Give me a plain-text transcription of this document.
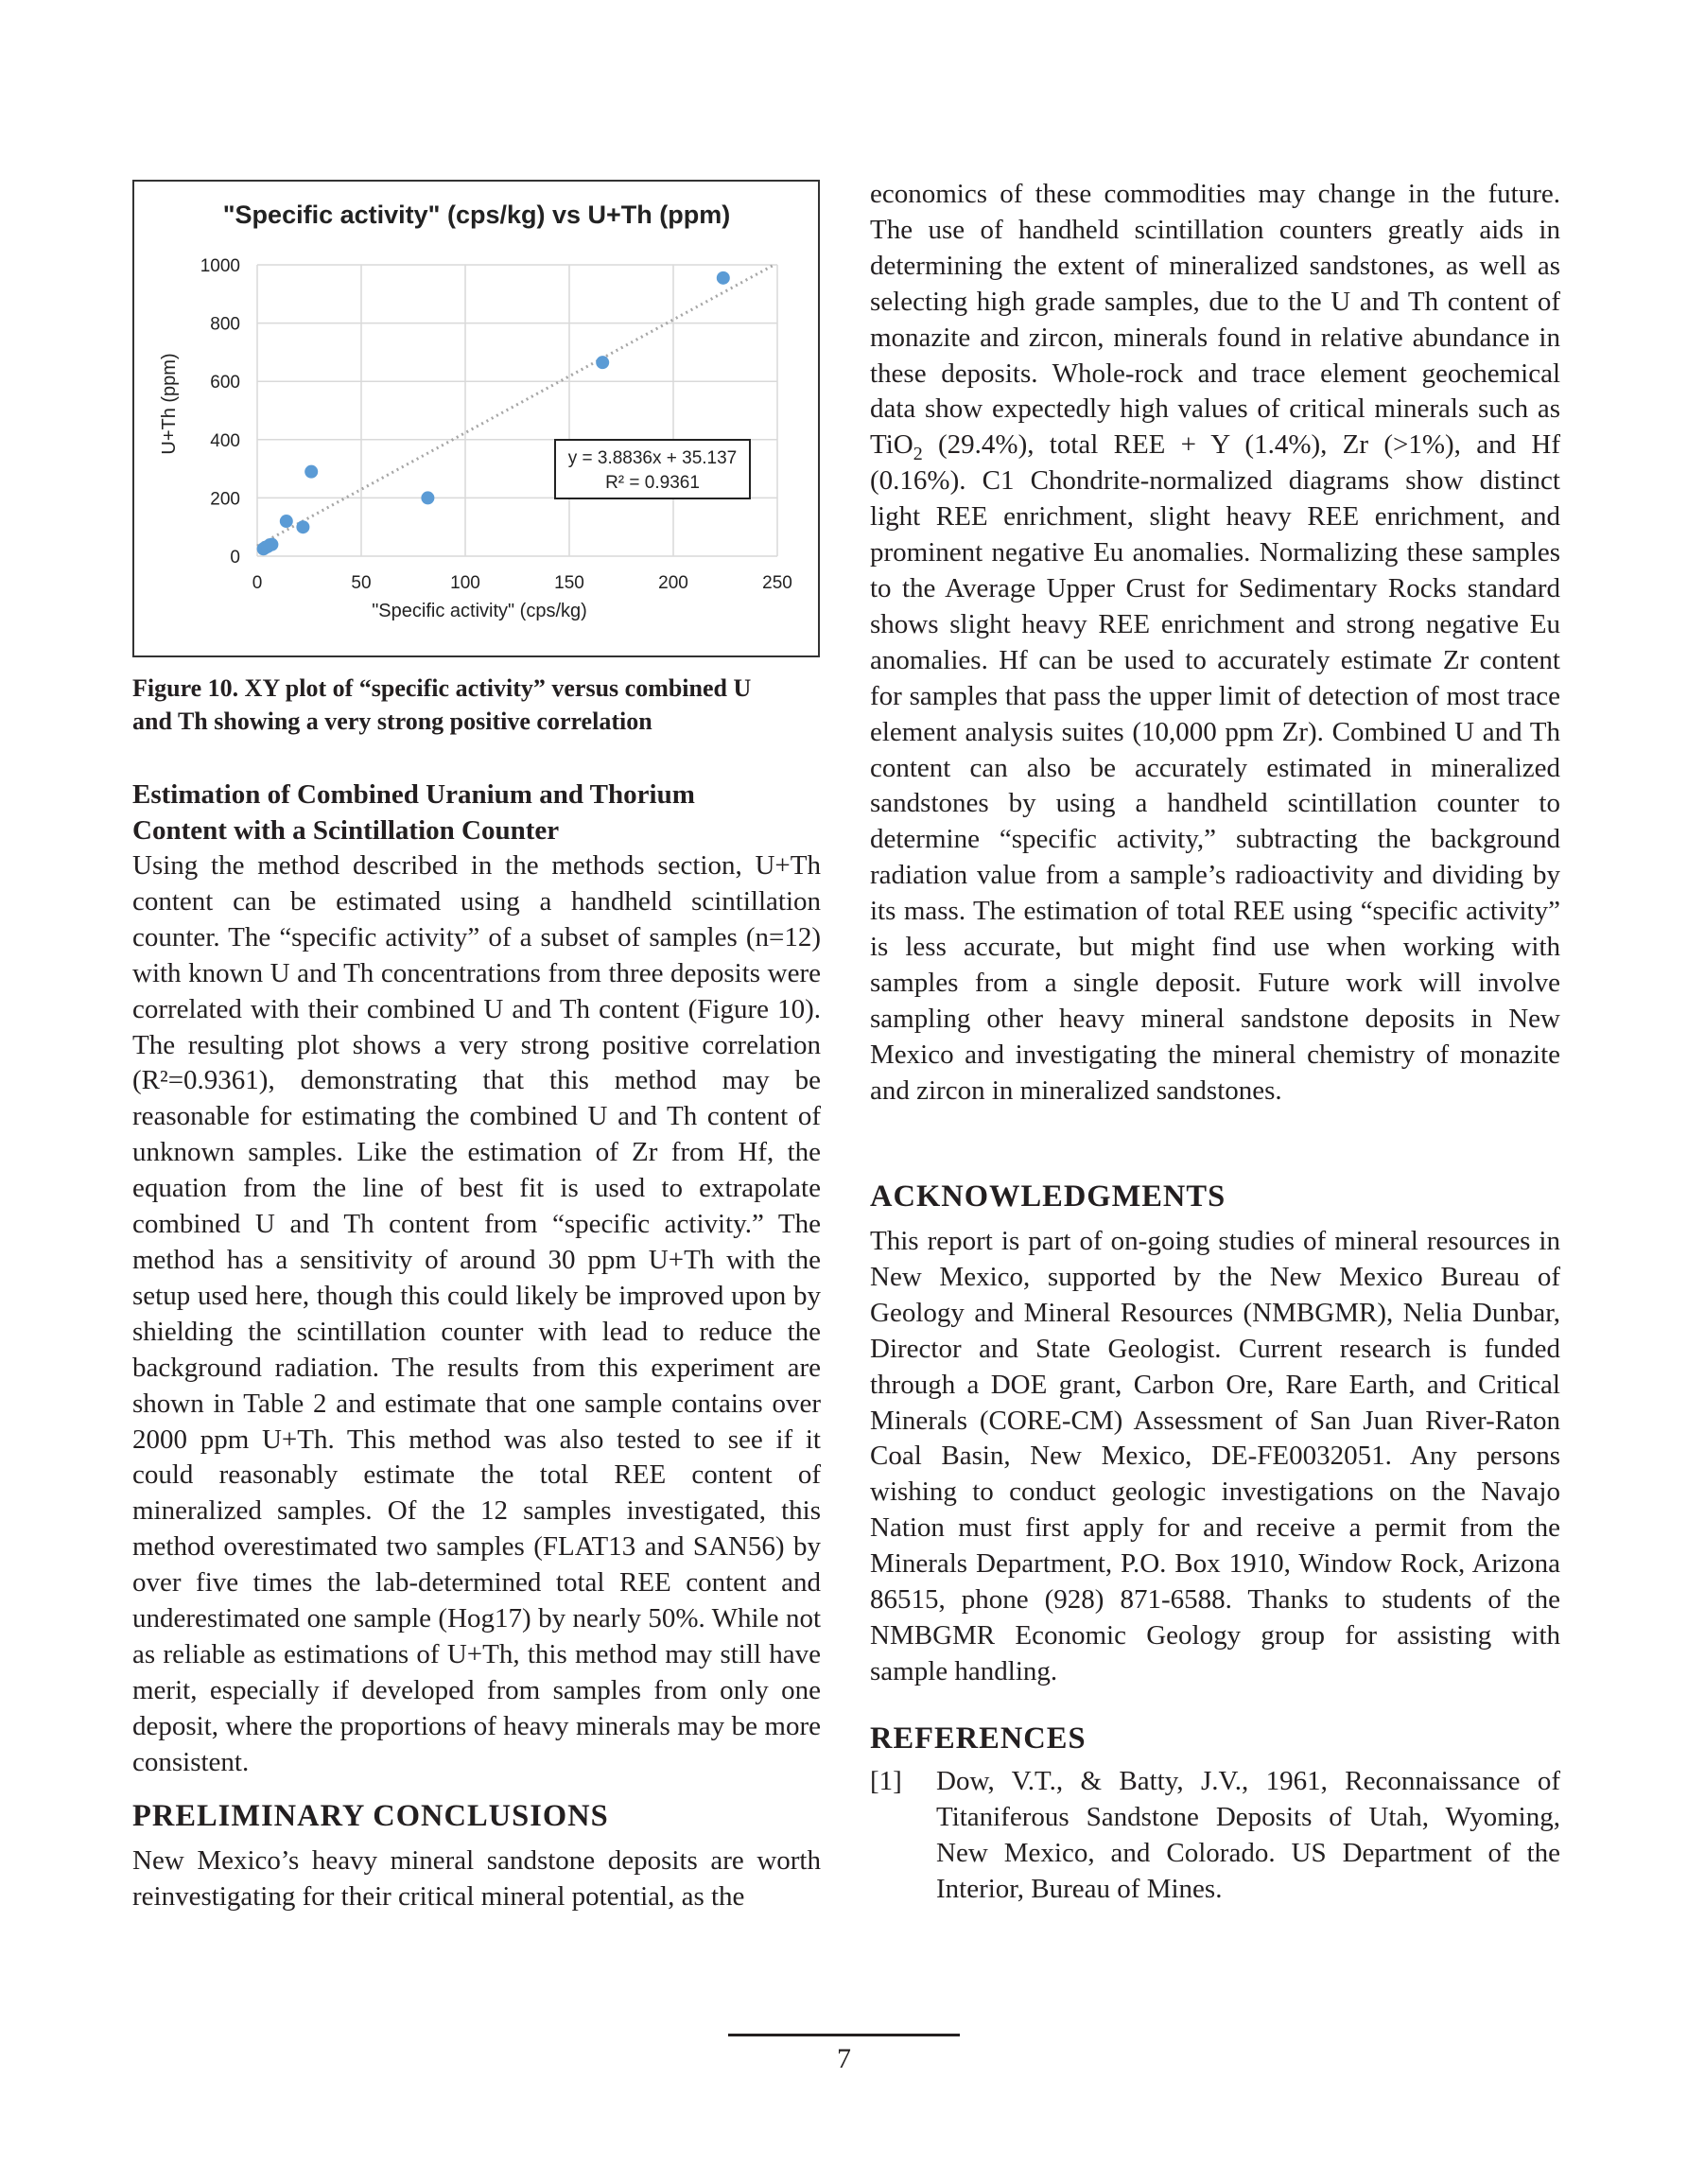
"Specific activity" (cps/kg) vs U+Th (ppm)
0
200
400
600
800
1000
0	50	100	150	200	250
y = 3.8836x + 35.137
R² = 0.9361
"Specific activity" (cps/kg)
U+Th (ppm)

Figure 10. XY plot of “specific activity” versus combined U
and Th showing a very strong positive correlation

Estimation of Combined Uranium and Thorium
Content with a Scintillation Counter

Using the method described in the methods section, U+Th content can be estimated using a handheld scintillation counter. The “specific activity” of a subset of samples (n=12) with known U and Th concentrations from three deposits were correlated with their combined U and Th content (Figure 10). The resulting plot shows a very strong positive correlation (R²=0.9361), demonstrating that this method may be reasonable for estimating the combined U and Th content of unknown samples. Like the estimation of Zr from Hf, the equation from the line of best fit is used to extrapolate combined U and Th content from “specific activity.” The method has a sensitivity of around 30 ppm U+Th with the setup used here, though this could likely be improved upon by shielding the scintillation counter with lead to reduce the background radiation. The results from this experiment are shown in Table 2 and estimate that one sample contains over 2000 ppm U+Th. This method was also tested to see if it could reasonably estimate the total REE content of mineralized samples. Of the 12 samples investigated, this method overestimated two samples (FLAT13 and SAN56) by over five times the lab-determined total REE content and underestimated one sample (Hog17) by nearly 50%. While not as reliable as estimations of U+Th, this method may still have merit, especially if developed from samples from only one deposit, where the proportions of heavy minerals may be more consistent.

PRELIMINARY CONCLUSIONS

New Mexico’s heavy mineral sandstone deposits are worth reinvestigating for their critical mineral potential, as the

economics of these commodities may change in the future. The use of handheld scintillation counters greatly aids in determining the extent of mineralized sandstones, as well as selecting high grade samples, due to the U and Th content of monazite and zircon, minerals found in relative abundance in these deposits. Whole-rock and trace element geochemical data show expectedly high values of critical minerals such as TiO$_2$ (29.4%), total REE + Y (1.4%), Zr (>1%), and Hf (0.16%). C1 Chondrite-normalized diagrams show distinct light REE enrichment, slight heavy REE enrichment, and prominent negative Eu anomalies. Normalizing these samples to the Average Upper Crust for Sedimentary Rocks standard shows slight heavy REE enrichment and strong negative Eu anomalies. Hf can be used to accurately estimate Zr content for samples that pass the upper limit of detection of most trace element analysis suites (10,000 ppm Zr). Combined U and Th content can also be accurately estimated in mineralized sandstones by using a handheld scintillation counter to determine “specific activity,” subtracting the background radiation value from a sample’s radioactivity and dividing by its mass. The estimation of total REE using “specific activity” is less accurate, but might find use when working with samples from a single deposit. Future work will involve sampling other heavy mineral sandstone deposits in New Mexico and investigating the mineral chemistry of monazite and zircon in mineralized sandstones.

ACKNOWLEDGMENTS

This report is part of on-going studies of mineral resources in New Mexico, supported by the New Mexico Bureau of Geology and Mineral Resources (NMBGMR), Nelia Dunbar, Director and State Geologist. Current research is funded through a DOE grant, Carbon Ore, Rare Earth, and Critical Minerals (CORE-CM) Assessment of San Juan River-Raton Coal Basin, New Mexico, DE-FE0032051. Any persons wishing to conduct geologic investigations on the Navajo Nation must first apply for and receive a permit from the Minerals Department, P.O. Box 1910, Window Rock, Arizona 86515, phone (928) 871-6588. Thanks to students of the NMBGMR Economic Geology group for assisting with sample handling.

REFERENCES
[1] Dow, V.T., & Batty, J.V., 1961, Reconnaissance of Titaniferous Sandstone Deposits of Utah, Wyoming, New Mexico, and Colorado. US Department of the Interior, Bureau of Mines.
7
